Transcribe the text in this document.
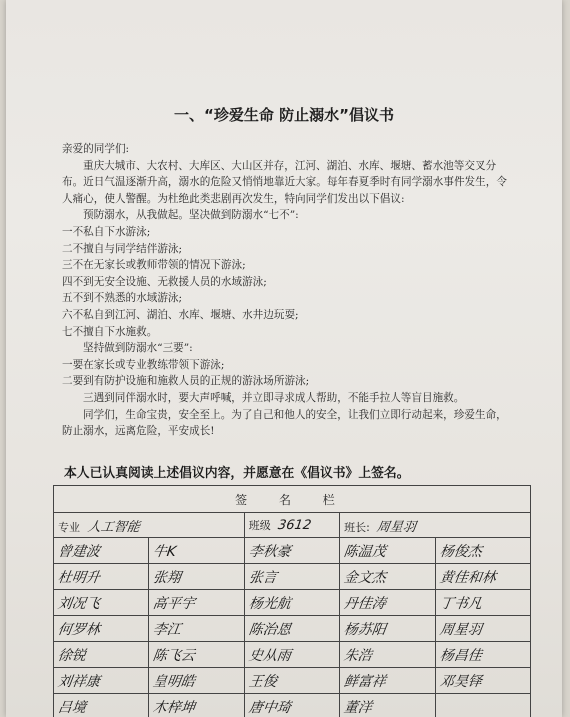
一、“珍爱生命 防止溺水”倡议书

亲爱的同学们:

重庆大城市、大农村、大库区、大山区并存，江河、湖泊、水库、堰塘、蓄水池等交叉分布。近日气温逐渐升高，溺水的危险又悄悄地靠近大家。每年春夏季时有同学溺水事件发生，令人痛心，使人警醒。为杜绝此类悲剧再次发生，特向同学们发出以下倡议:

预防溺水，从我做起。坚决做到防溺水“七不”:

一不私自下水游泳;

二不擅自与同学结伴游泳;

三不在无家长或教师带领的情况下游泳;

四不到无安全设施、无救援人员的水域游泳;

五不到不熟悉的水域游泳;

六不私自到江河、湖泊、水库、堰塘、水井边玩耍;

七不擅自下水施救。

坚持做到防溺水“三要”:

一要在家长或专业教练带领下游泳;

二要到有防护设施和施救人员的正规的游泳场所游泳;

三遇到同伴溺水时，要大声呼喊，并立即寻求成人帮助，不能手拉人等盲目施救。

同学们，生命宝贵，安全至上。为了自己和他人的安全，让我们立即行动起来，珍爱生命，防止溺水，远离危险，平安成长!

本人已认真阅读上述倡议内容，并愿意在《倡议书》上签名。
签 名 栏				
专业 人工智能		班级 3612	班长: 周星羽	
曾建波	牛K	李秋豪	陈温茂	杨俊杰
杜明升	张翔	张言	金文杰	黄佳和林
刘况飞	高平宇	杨光航	丹佳涛	丁书凡
何罗林	李江	陈治恩	杨苏阳	周星羽
徐锐	陈飞云	史从雨	朱浩	杨昌佳
刘祥康	皇明皓	王俊	鲜富祥	邓昊铎
吕境	木梓坤	唐中琦	董洋	
